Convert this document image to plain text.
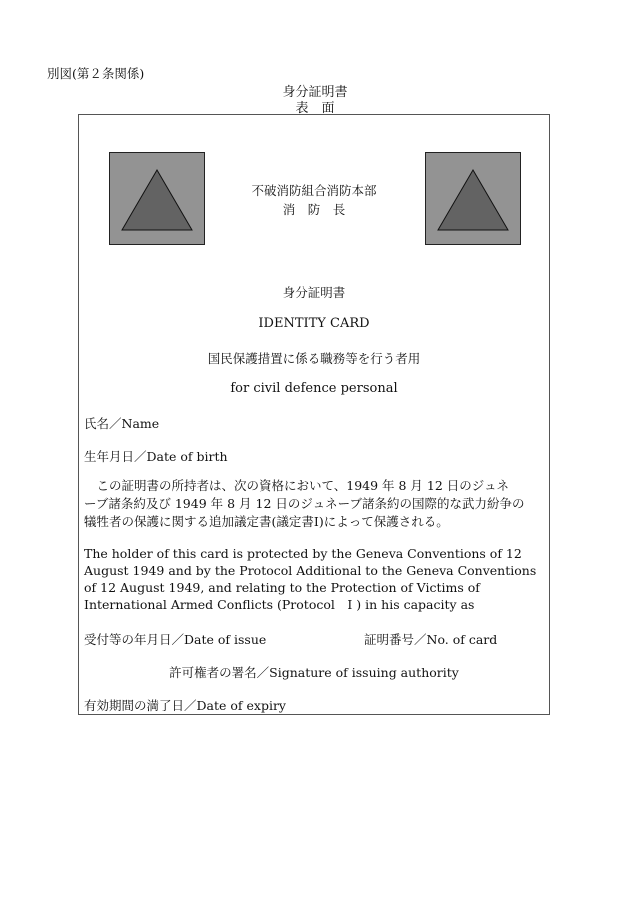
別図(第２条関係)
身分証明書
表　面
不破消防組合消防本部
消　防　長
身分証明書
IDENTITY CARD
国民保護措置に係る職務等を行う者用
for civil defence personal
氏名／Name
生年月日／Date of birth
　この証明書の所持者は、次の資格において、1949 年 8 月 12 日のジュネ
ーブ諸条約及び 1949 年 8 月 12 日のジュネーブ諸条約の国際的な武力紛争の
犠牲者の保護に関する追加議定書(議定書Ⅰ)によって保護される。
The holder of this card is protected by the Geneva Conventions of 12
August 1949 and by the Protocol Additional to the Geneva Conventions
of 12 August 1949, and relating to the Protection of Victims of
International Armed Conflicts (Protocol　I ) in his capacity as
受付等の年月日／Date of issue	証明番号／No. of card
許可権者の署名／Signature of issuing authority
有効期間の満了日／Date of expiry
